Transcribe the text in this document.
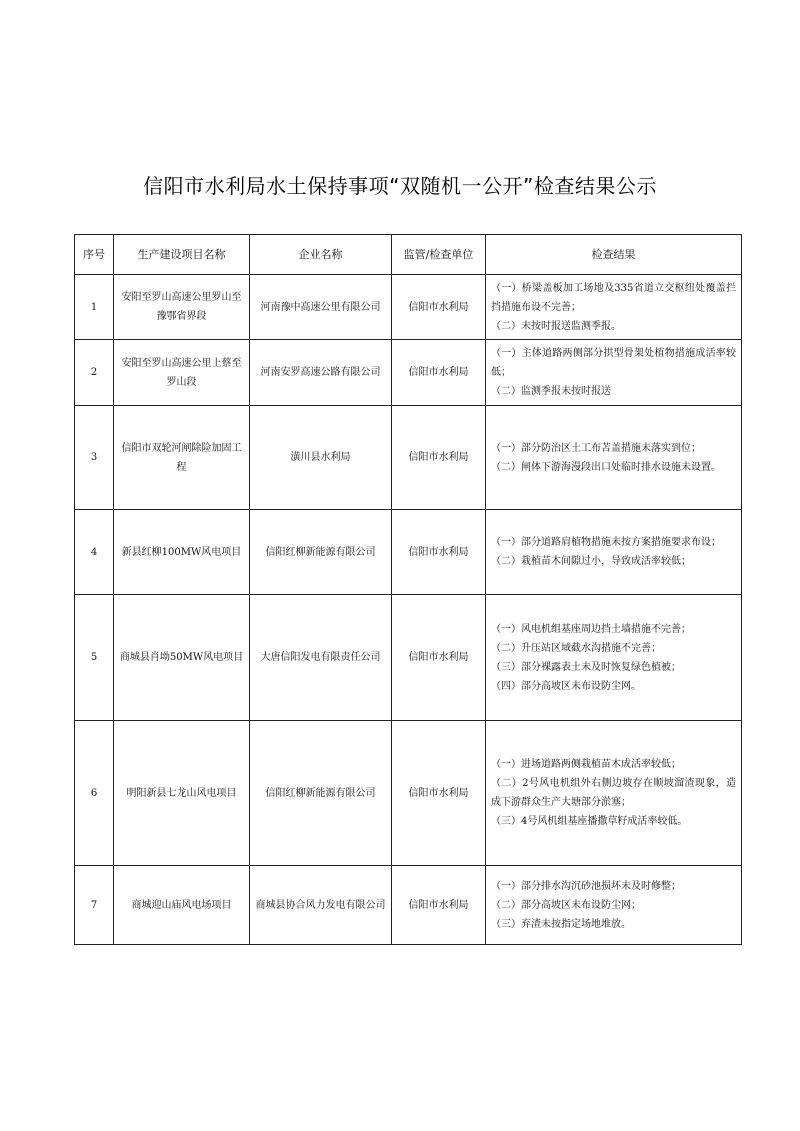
信阳市水利局水土保持事项“双随机一公开”检查结果公示
序号	生产建设项目名称	企业名称	监管/检查单位	检查结果
1	安阳至罗山高速公里罗山至豫鄂省界段	河南豫中高速公里有限公司	信阳市水利局	（一）桥梁盖板加工场地及335省道立交枢纽处覆盖拦挡措施布设不完善；
（二）未按时报送监测季报。

2	安阳至罗山高速公里上蔡至罗山段	河南安罗高速公路有限公司	信阳市水利局	（一）主体道路两侧部分拱型骨架处植物措施成活率较低；
（二）监测季报未按时报送

3	信阳市双轮河闸除险加固工程	潢川县水利局	信阳市水利局	（一）部分防治区土工布苫盖措施未落实到位；
（二）闸体下游海漫段出口处临时排水设施未设置。

4	新县红柳100MW风电项目	信阳红柳新能源有限公司	信阳市水利局	（一）部分道路肩植物措施未按方案措施要求布设；
（二）栽植苗木间隙过小，导致成活率较低；

5	商城县肖坳50MW风电项目	大唐信阳发电有限责任公司	信阳市水利局	（一）风电机组基座周边挡土墙措施不完善；
（二）升压站区域截水沟措施不完善；
（三）部分裸露表土未及时恢复绿色植被；
（四）部分高坡区未布设防尘网。

6	明阳新县七龙山风电项目	信阳红柳新能源有限公司	信阳市水利局	（一）进场道路两侧栽植苗木成活率较低；
（二）2号风电机组外右侧边坡存在顺坡溜渣现象，造成下游群众生产大塘部分淤塞；
（三）4号风机组基座播撒草籽成活率较低。

7	商城迎山庙风电场项目	商城县协合风力发电有限公司	信阳市水利局	（一）部分排水沟沉砂池损坏未及时修整；
（二）部分高坡区未布设防尘网；
（三）弃渣未按指定场地堆放。
